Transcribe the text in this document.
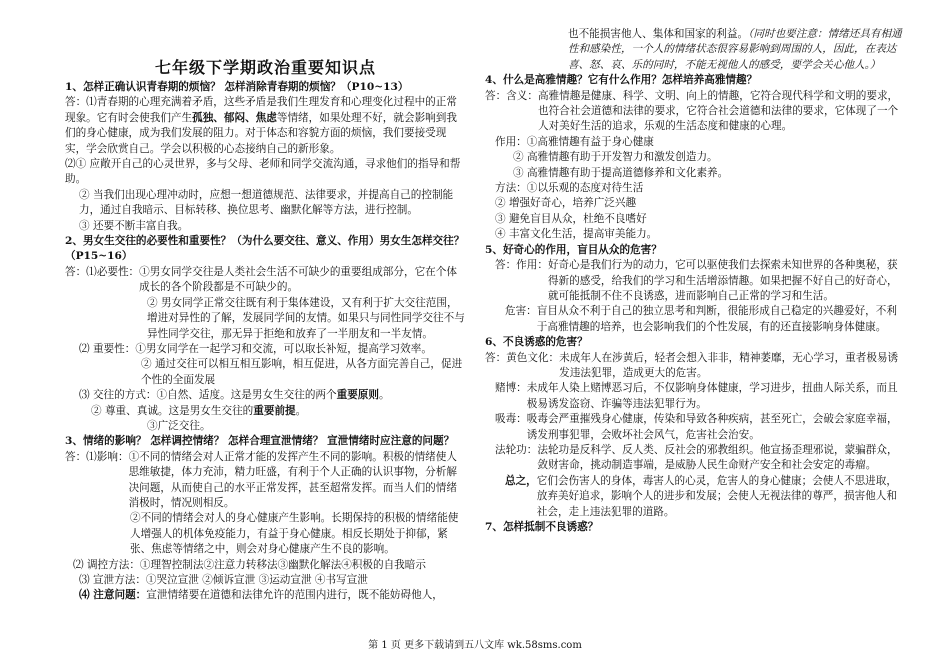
七年级下学期政治重要知识点

1、怎样正确认识青春期的烦恼？ 怎样消除青春期的烦恼？（P10~13）

答：⑴青春期的心理充满着矛盾，这些矛盾是我们生理发育和心理变化过程中的正常现象。它有时会使我们产生孤独、郁闷、焦虑等情绪，如果处理不好，就会影响到我们的身心健康，成为我们发展的阻力。对于体态和容貌方面的烦恼，我们要接受现实，学会欣赏自己。学会以积极的心态接纳自己的新形象。

⑵① 应敞开自己的心灵世界，多与父母、老师和同学交流沟通，寻求他们的指导和帮助。

② 当我们出现心理冲动时，应想一想道德规范、法律要求，并提高自己的控制能力，通过自我暗示、目标转移、换位思考、幽默化解等方法，进行控制。

③ 还要不断丰富自我。

2、男女生交往的必要性和重要性？（为什么要交往、意义、作用）男女生怎样交往？（P15~16）

答：⑴必要性： ①男女同学交往是人类社会生活不可缺少的重要组成部分，它在个体成长的各个阶段都是不可缺少的。

② 男女同学正常交往既有利于集体建设，又有利于扩大交往范围，增进对异性的了解，发展同学间的友情。如果只与同性同学交往不与异性同学交往，那无异于拒绝和放弃了一半朋友和一半友情。

⑵ 重要性： ①男女同学在一起学习和交流，可以取长补短，提高学习效率。

② 通过交往可以相互相互影响，相互促进，从各方面完善自己，促进个性的全面发展

⑶ 交往的方式：①自然、适度。这是男女生交往的两个重要原则。

② 尊重、真诚。这是男女生交往的重要前提。

③广泛交往。

3、情绪的影响？ 怎样调控情绪？ 怎样合理宣泄情绪？ 宣泄情绪时应注意的问题？

答：⑴影响： ①不同的情绪会对人正常才能的发挥产生不同的影响。积极的情绪使人思维敏捷，体力充沛，精力旺盛，有利于个人正确的认识事物，分析解决问题，从而使自己的水平正常发挥，甚至超常发挥。而当人们的情绪消极时，情况则相反。

②不同的情绪会对人的身心健康产生影响。长期保持的积极的情绪能使人增强人的机体免疫能力，有益于身心健康。相反长期处于抑郁，紧张、焦虑等情绪之中，则会对身心健康产生不良的影响。

⑵ 调控方法：①理智控制法②注意力转移法③幽默化解法④积极的自我暗示

⑶ 宣泄方法：①哭泣宣泄 ②倾诉宣泄 ③运动宣泄 ④书写宣泄

⑷ 注意问题：宣泄情绪要在道德和法律允许的范围内进行，既不能妨碍他人，

也不能损害他人、集体和国家的利益。（同时也要注意：情绪还具有相通性和感染性，一个人的情绪状态很容易影响到周围的人，因此，在表达喜、怒、哀、乐的同时，不能无视他人的感受，要学会关心他人。）

4、什么是高雅情趣？它有什么作用？怎样培养高雅情趣？

答：含义： 高雅情趣是健康、科学、文明、向上的情趣，它符合现代科学和文明的要求，也符合社会道德和法律的要求，它符合社会道德和法律的要求，它体现了一个人对美好生活的追求，乐观的生活态度和健康的心理。

作用：①高雅情趣有益于身心健康

② 高雅情趣有助于开发智力和激发创造力。

③ 高雅情趣有助于提高道德修养和文化素养。

方法：①以乐观的态度对待生活

② 增强好奇心，培养广泛兴趣

③ 避免盲目从众，杜绝不良嗜好

④ 丰富文化生活，提高审美能力。

5、好奇心的作用，盲目从众的危害？

答：作用： 好奇心是我们行为的动力，它可以驱使我们去探索未知世界的各种奥秘，获得新的感受，给我们的学习和生活增添情趣。如果把握不好自己的好奇心，就可能抵制不住不良诱惑，进而影响自己正常的学习和生活。
危害： 盲目从众不利于自己的独立思考和判断，很能形成自己稳定的兴趣爱好，不利于高雅情趣的培养，也会影响我们的个性发展，有的还直接影响身体健康。

6、不良诱惑的危害？

答：黄色文化： 未成年人在涉黄后，轻者会想入非非，精神萎靡，无心学习，重者极易诱发违法犯罪，造成更大的危害。
赌博： 未成年人染上赌博恶习后，不仅影响身体健康，学习进步，扭曲人际关系，而且极易诱发盗窃、诈骗等违法犯罪行为。
吸毒： 吸毒会严重摧残身心健康，传染和导致各种疾病，甚至死亡，会破会家庭幸福，诱发刑事犯罪，会败坏社会风气，危害社会治安。
法轮功： 法轮功是反科学、反人类、反社会的邪教组织。他宣扬歪理邪说，蒙骗群众，敛财害命，挑动制造事端，是威胁人民生命财产安全和社会安定的毒瘤。
总之， 它们会伤害人的身体，毒害人的心灵，危害人的身心健康；会使人不思进取，放弃美好追求，影响个人的进步和发展；会使人无视法律的尊严，损害他人和社会，走上违法犯罪的道路。

7、怎样抵制不良诱惑？

第 1 页 更多下载请到五八文库 wk.58sms.com
